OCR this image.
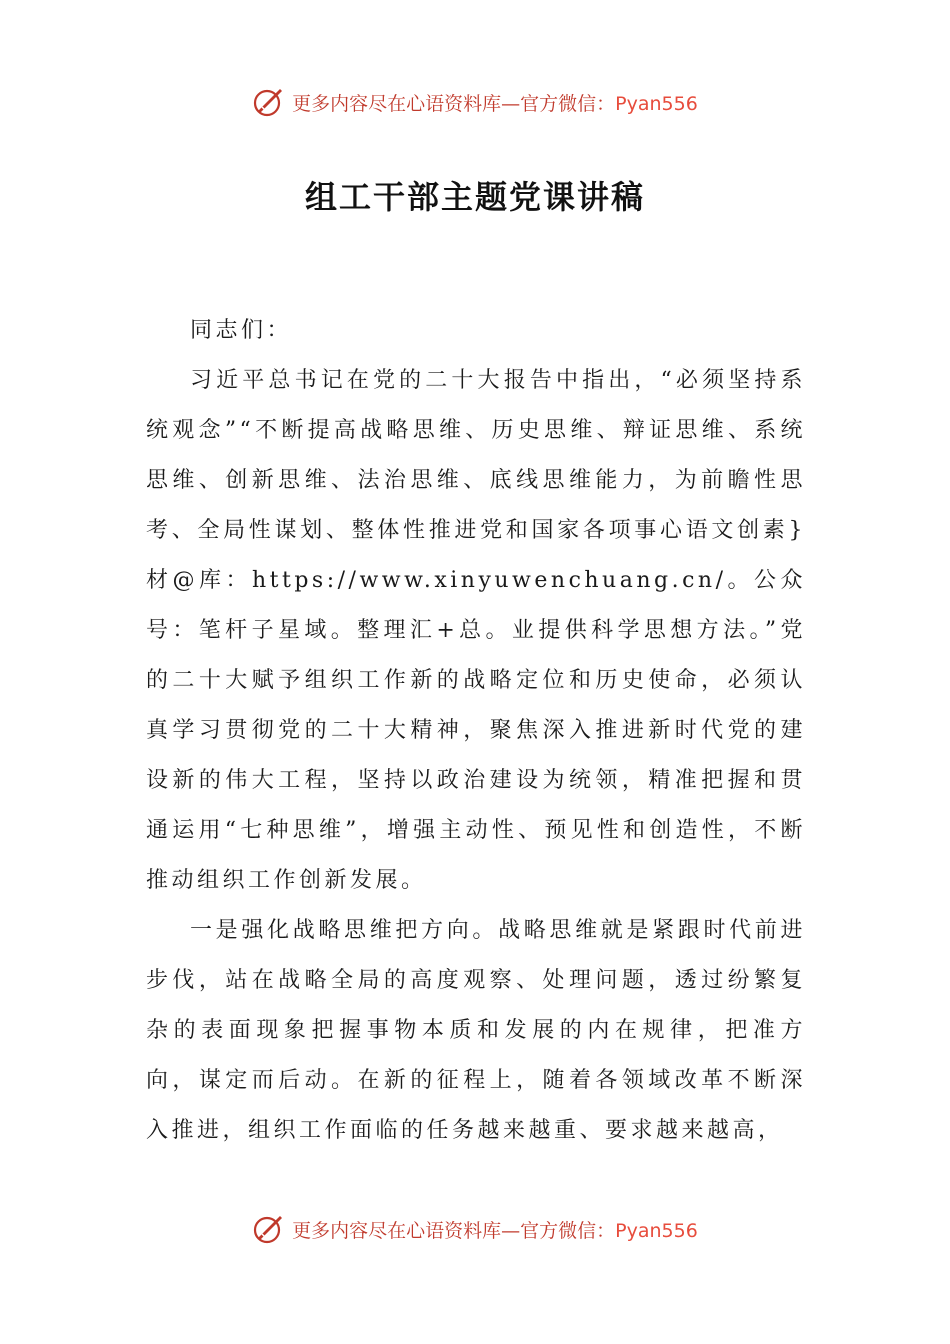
更多内容尽在心语资料库—官方微信：Pyan556
组工干部主题党课讲稿

同志们：

习近平总书记在党的二十大报告中指出，“必须坚持系统观念”“不断提高战略思维、历史思维、辩证思维、系统思维、创新思维、法治思维、底线思维能力，为前瞻性思考、全局性谋划、整体性推进党和国家各项事心语文创素}材@库：https://www.xinyuwenchuang.cn/。公众号：笔杆子星域。整理汇+总。业提供科学思想方法。”党的二十大赋予组织工作新的战略定位和历史使命，必须认真学习贯彻党的二十大精神，聚焦深入推进新时代党的建设新的伟大工程，坚持以政治建设为统领，精准把握和贯通运用“七种思维”，增强主动性、预见性和创造性，不断推动组织工作创新发展。

一是强化战略思维把方向。战略思维就是紧跟时代前进步伐，站在战略全局的高度观察、处理问题，透过纷繁复杂的表面现象把握事物本质和发展的内在规律，把准方向，谋定而后动。在新的征程上，随着各领域改革不断深入推进，组织工作面临的任务越来越重、要求越来越高，

更多内容尽在心语资料库—官方微信：Pyan556
